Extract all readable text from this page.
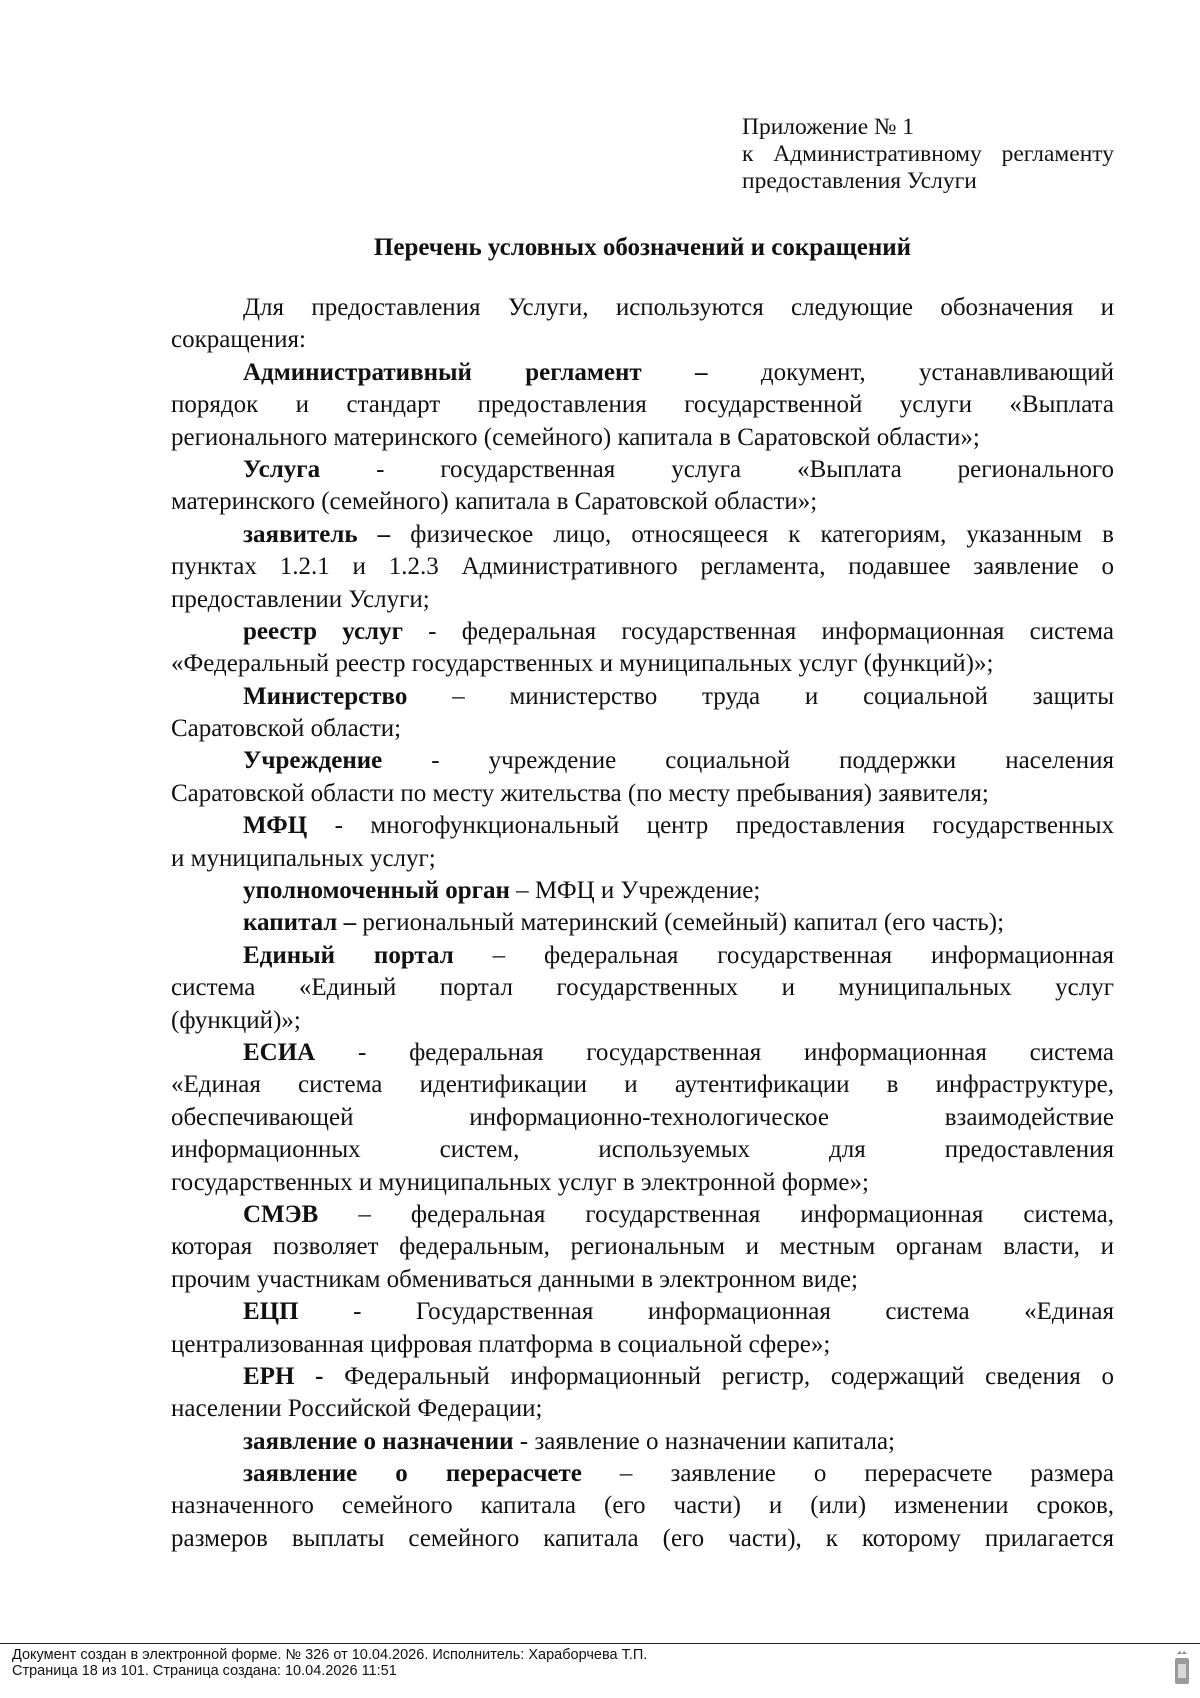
Приложение № 1
к Административному регламенту
предоставления Услуги
Перечень условных обозначений и сокращений
Для предоставления Услуги, используются следующие обозначения и
сокращения:
Административный регламент – документ, устанавливающий
порядок и стандарт предоставления государственной услуги «Выплата
регионального материнского (семейного) капитала в Саратовской области»;
Услуга - государственная услуга «Выплата регионального
материнского (семейного) капитала в Саратовской области»;
заявитель – физическое лицо, относящееся к категориям, указанным в
пунктах 1.2.1 и 1.2.3 Административного регламента, подавшее заявление о
предоставлении Услуги;
реестр услуг - федеральная государственная информационная система
«Федеральный реестр государственных и муниципальных услуг (функций)»;
Министерство – министерство труда и социальной защиты
Саратовской области;
Учреждение - учреждение социальной поддержки населения
Саратовской области по месту жительства (по месту пребывания) заявителя;
МФЦ - многофункциональный центр предоставления государственных
и муниципальных услуг;
уполномоченный орган – МФЦ и Учреждение;
капитал – региональный материнский (семейный) капитал (его часть);
Единый портал – федеральная государственная информационная
система «Единый портал государственных и муниципальных услуг
(функций)»;
ЕСИА - федеральная государственная информационная система
«Единая система идентификации и аутентификации в инфраструктуре,
обеспечивающей информационно-технологическое взаимодействие
информационных систем, используемых для предоставления
государственных и муниципальных услуг в электронной форме»;
СМЭВ – федеральная государственная информационная система,
которая позволяет федеральным, региональным и местным органам власти, и
прочим участникам обмениваться данными в электронном виде;
ЕЦП - Государственная информационная система «Единая
централизованная цифровая платформа в социальной сфере»;
ЕРН - Федеральный информационный регистр, содержащий сведения о
населении Российской Федерации;
заявление о назначении - заявление о назначении капитала;
заявление о перерасчете – заявление о перерасчете размера
назначенного семейного капитала (его части) и (или) изменении сроков,
размеров выплаты семейного капитала (его части), к которому прилагается
Документ создан в электронной форме. № 326 от 10.04.2026. Исполнитель: Хараборчева Т.П.
Страница 18 из 101. Страница создана: 10.04.2026 11:51
